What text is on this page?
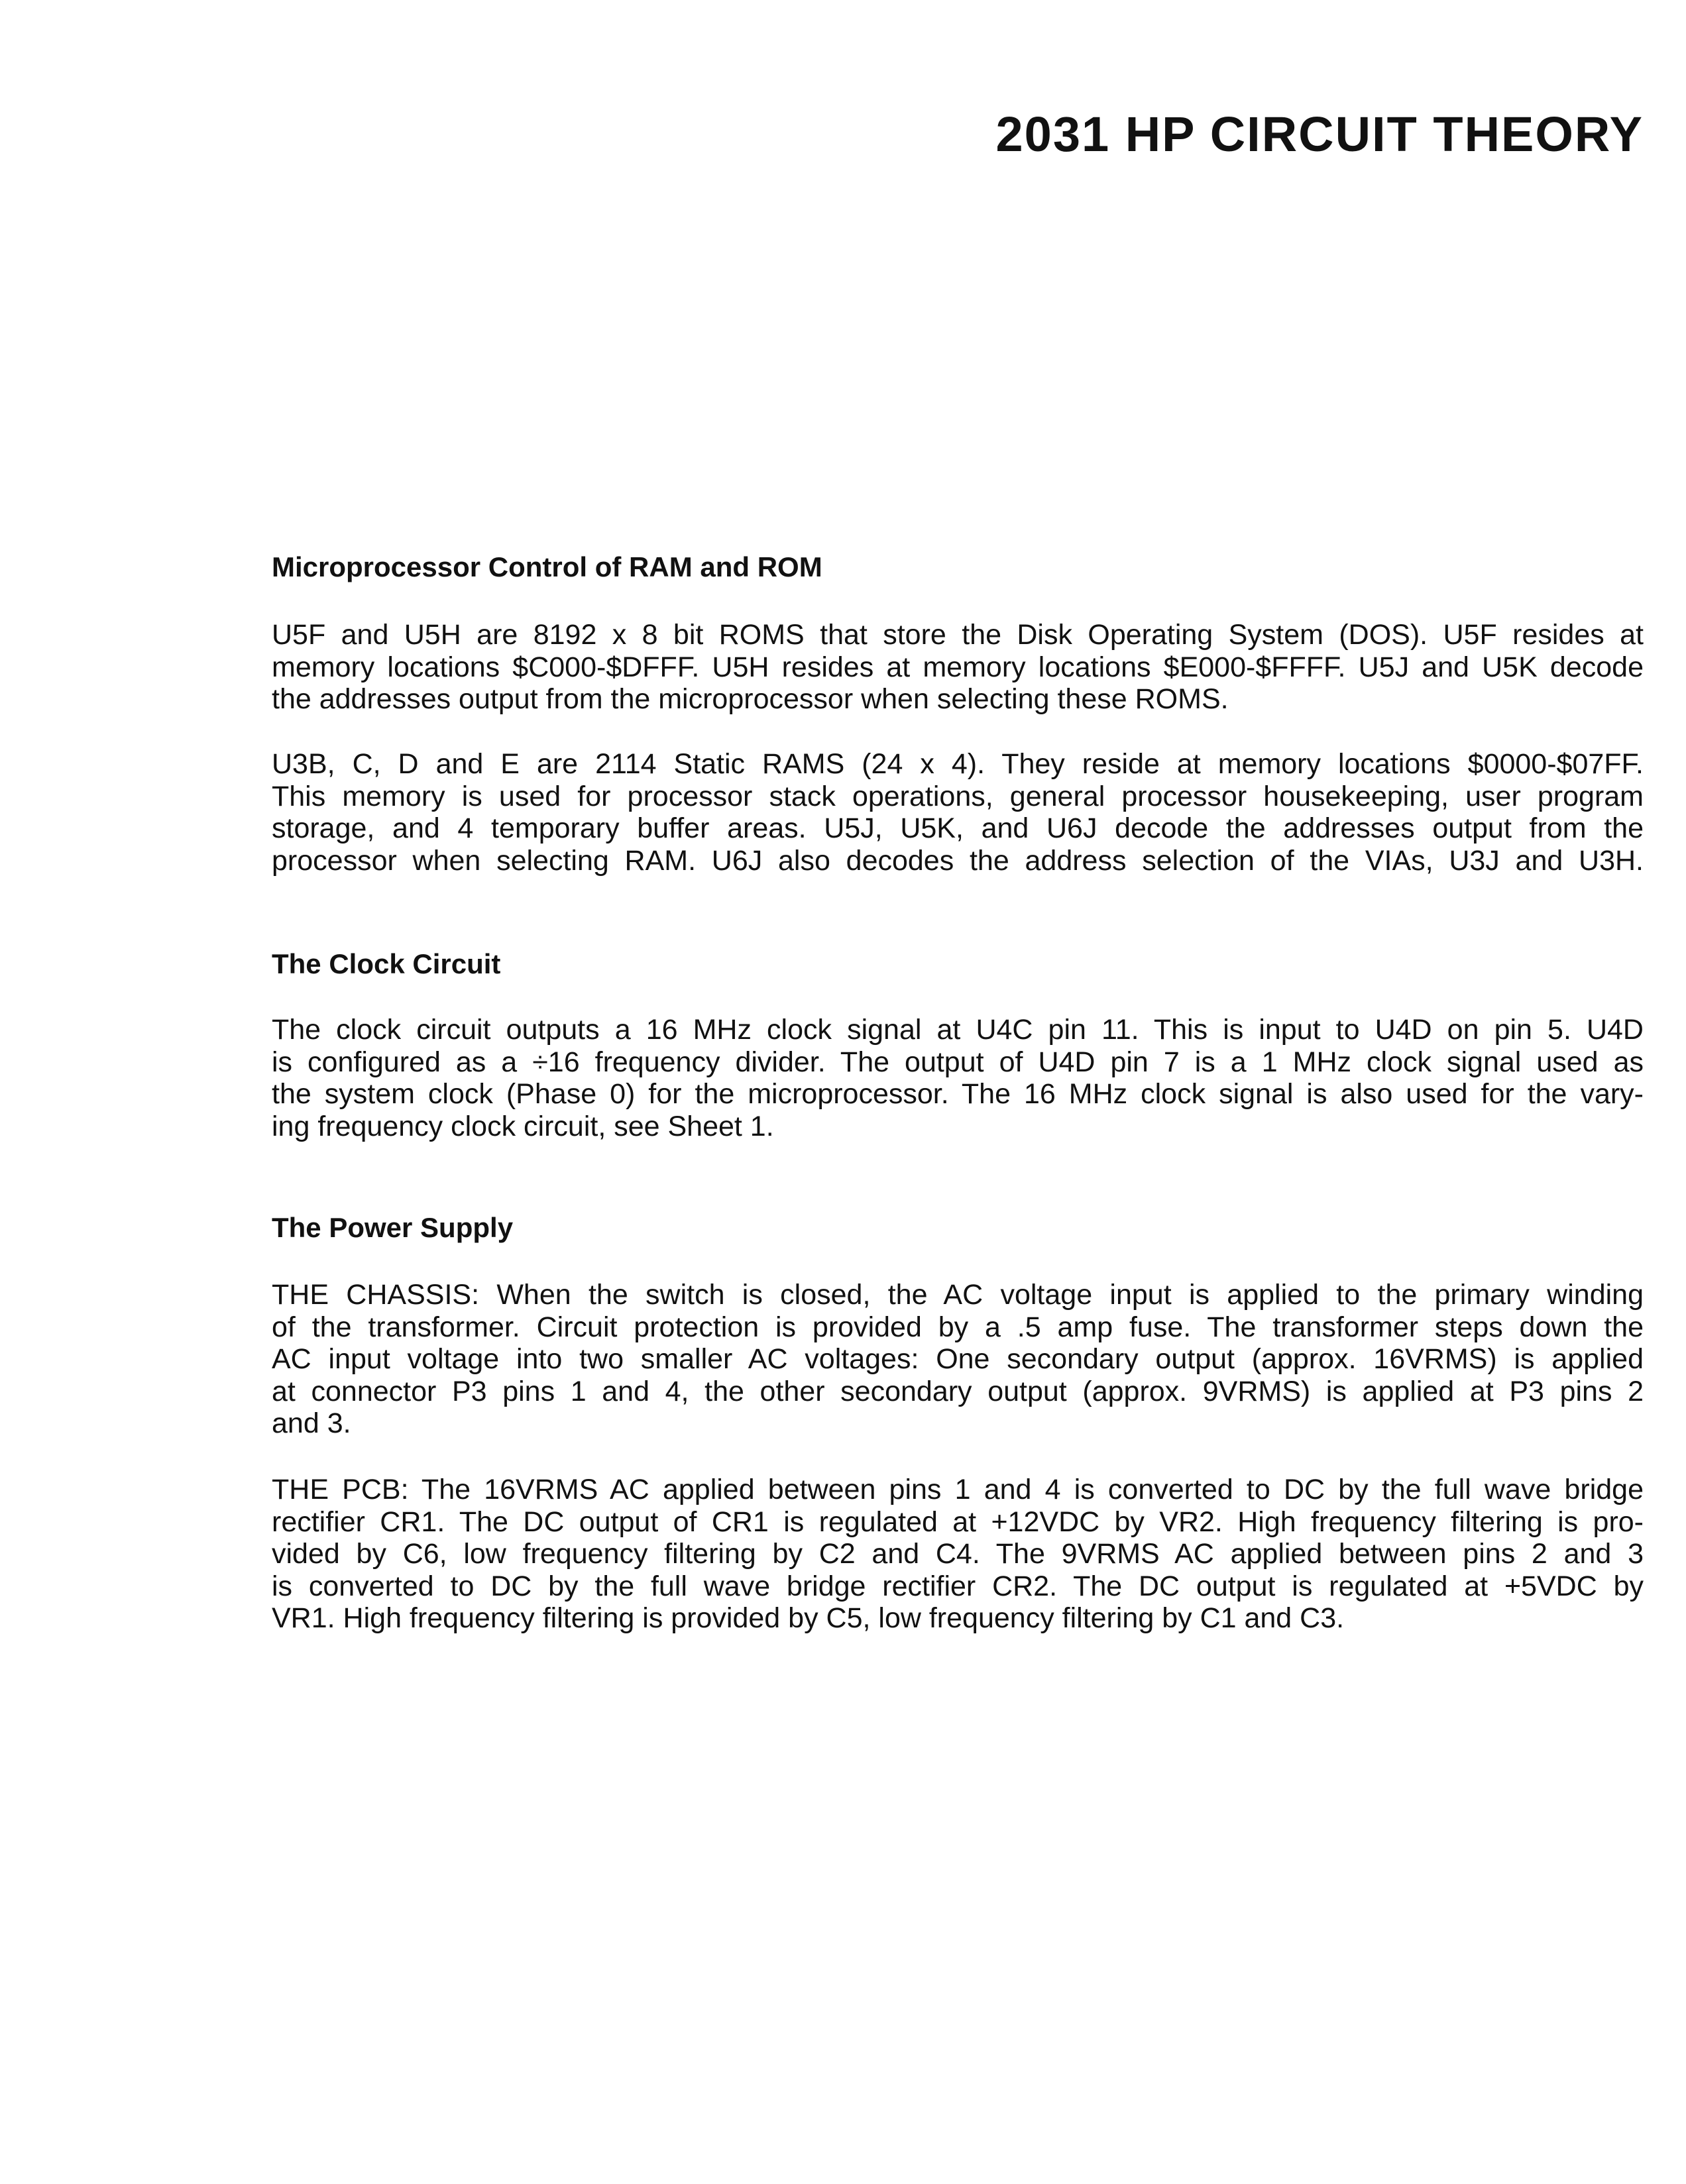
2031 HP CIRCUIT THEORY
Microprocessor Control of RAM and ROM

U5F and U5H are 8192 x 8 bit ROMS that store the Disk Operating System (DOS). U5F resides at
memory locations $C000-$DFFF. U5H resides at memory locations $E000-$FFFF. U5J and U5K decode
the addresses output from the microprocessor when selecting these ROMS.

U3B, C, D and E are 2114 Static RAMS (24 x 4). They reside at memory locations $0000-$07FF.
This memory is used for processor stack operations, general processor housekeeping, user program
storage, and 4 temporary buffer areas. U5J, U5K, and U6J decode the addresses output from the
processor when selecting RAM. U6J also decodes the address selection of the VIAs, U3J and U3H.

The Clock Circuit

The clock circuit outputs a 16 MHz clock signal at U4C pin 11. This is input to U4D on pin 5. U4D
is configured as a ÷16 frequency divider. The output of U4D pin 7 is a 1 MHz clock signal used as
the system clock (Phase 0) for the microprocessor. The 16 MHz clock signal is also used for the vary-
ing frequency clock circuit, see Sheet 1.

The Power Supply

THE CHASSIS: When the switch is closed, the AC voltage input is applied to the primary winding
of the transformer. Circuit protection is provided by a .5 amp fuse. The transformer steps down the
AC input voltage into two smaller AC voltages: One secondary output (approx. 16VRMS) is applied
at connector P3 pins 1 and 4, the other secondary output (approx. 9VRMS) is applied at P3 pins 2
and 3.

THE PCB: The 16VRMS AC applied between pins 1 and 4 is converted to DC by the full wave bridge
rectifier CR1. The DC output of CR1 is regulated at +12VDC by VR2. High frequency filtering is pro-
vided by C6, low frequency filtering by C2 and C4. The 9VRMS AC applied between pins 2 and 3
is converted to DC by the full wave bridge rectifier CR2. The DC output is regulated at +5VDC by
VR1. High frequency filtering is provided by C5, low frequency filtering by C1 and C3.
